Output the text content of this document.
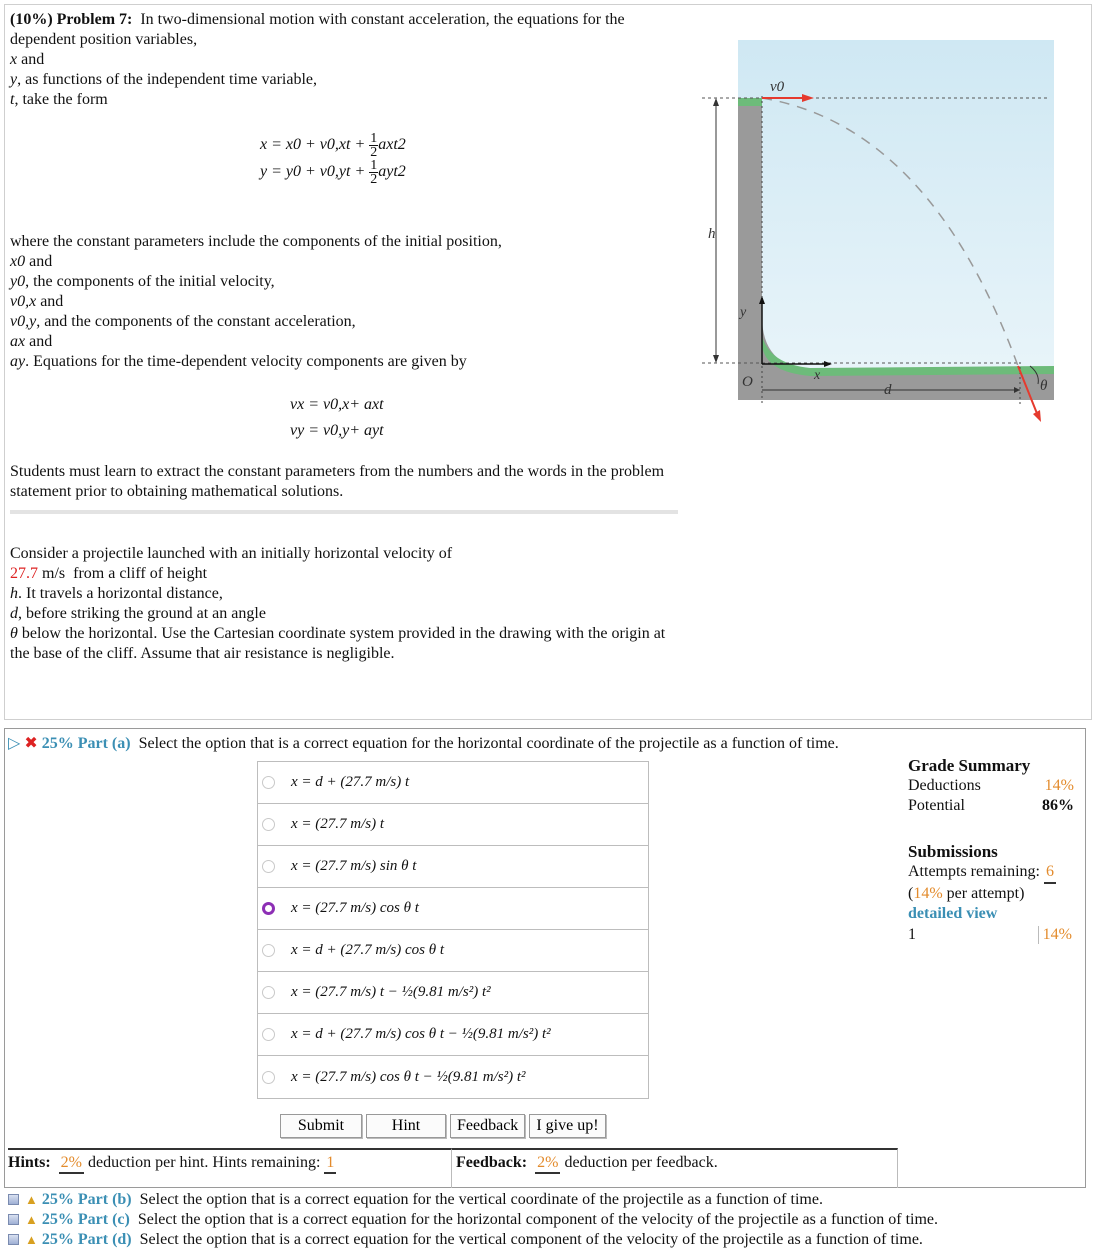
(10%) Problem 7: In two-dimensional motion with constant acceleration, the equations for the dependent position variables,

x and

y, as functions of the independent time variable,

t, take the form

$x = x0 + v0,xt + \frac{1}{2} axt2$
$y = y0 + v0,yt + \frac{1}{2} ayt2$

where the constant parameters include the components of the initial position,

x0 and

y0, the components of the initial velocity,

v0,x and

v0,y, and the components of the constant acceleration,

ax and

ay. Equations for the time-dependent velocity components are given by

vx = v0,x+ axt
vy = v0,y+ ayt

Students must learn to extract the constant parameters from the numbers and the words in the problem statement prior to obtaining mathematical solutions.

Consider a projectile launched with an initially horizontal velocity of

27.7 m/s from a cliff of height

h. It travels a horizontal distance,

d, before striking the ground at an angle

θ below the horizontal. Use the Cartesian coordinate system provided in the drawing with the origin at the base of the cliff. Assume that air resistance is negligible.

v0
h
y
O	x
d	θ
▷ ✖ 25% Part (a) Select the option that is a correct equation for the horizontal coordinate of the projectile as a function of time.
x = d + (27.7 m/s) t
x = (27.7 m/s) t
x = (27.7 m/s) sin θ t
x = (27.7 m/s) cos θ t
x = d + (27.7 m/s) cos θ t
x = (27.7 m/s) t − ½(9.81 m/s²) t²
x = d + (27.7 m/s) cos θ t − ½(9.81 m/s²) t²
x = (27.7 m/s) cos θ t − ½(9.81 m/s²) t²
Submit	Hint	Feedback	I give up!
Hints: 2% deduction per hint. Hints remaining: 1	Feedback: 2% deduction per feedback.
Grade Summary
Deductions	14%
Potential	86%
Submissions
Attempts remaining: 6
(14% per attempt)
detailed view
1	14%
▲ 25% Part (b) Select the option that is a correct equation for the vertical coordinate of the projectile as a function of time.
▲ 25% Part (c) Select the option that is a correct equation for the horizontal component of the velocity of the projectile as a function of time.
▲ 25% Part (d) Select the option that is a correct equation for the vertical component of the velocity of the projectile as a function of time.
